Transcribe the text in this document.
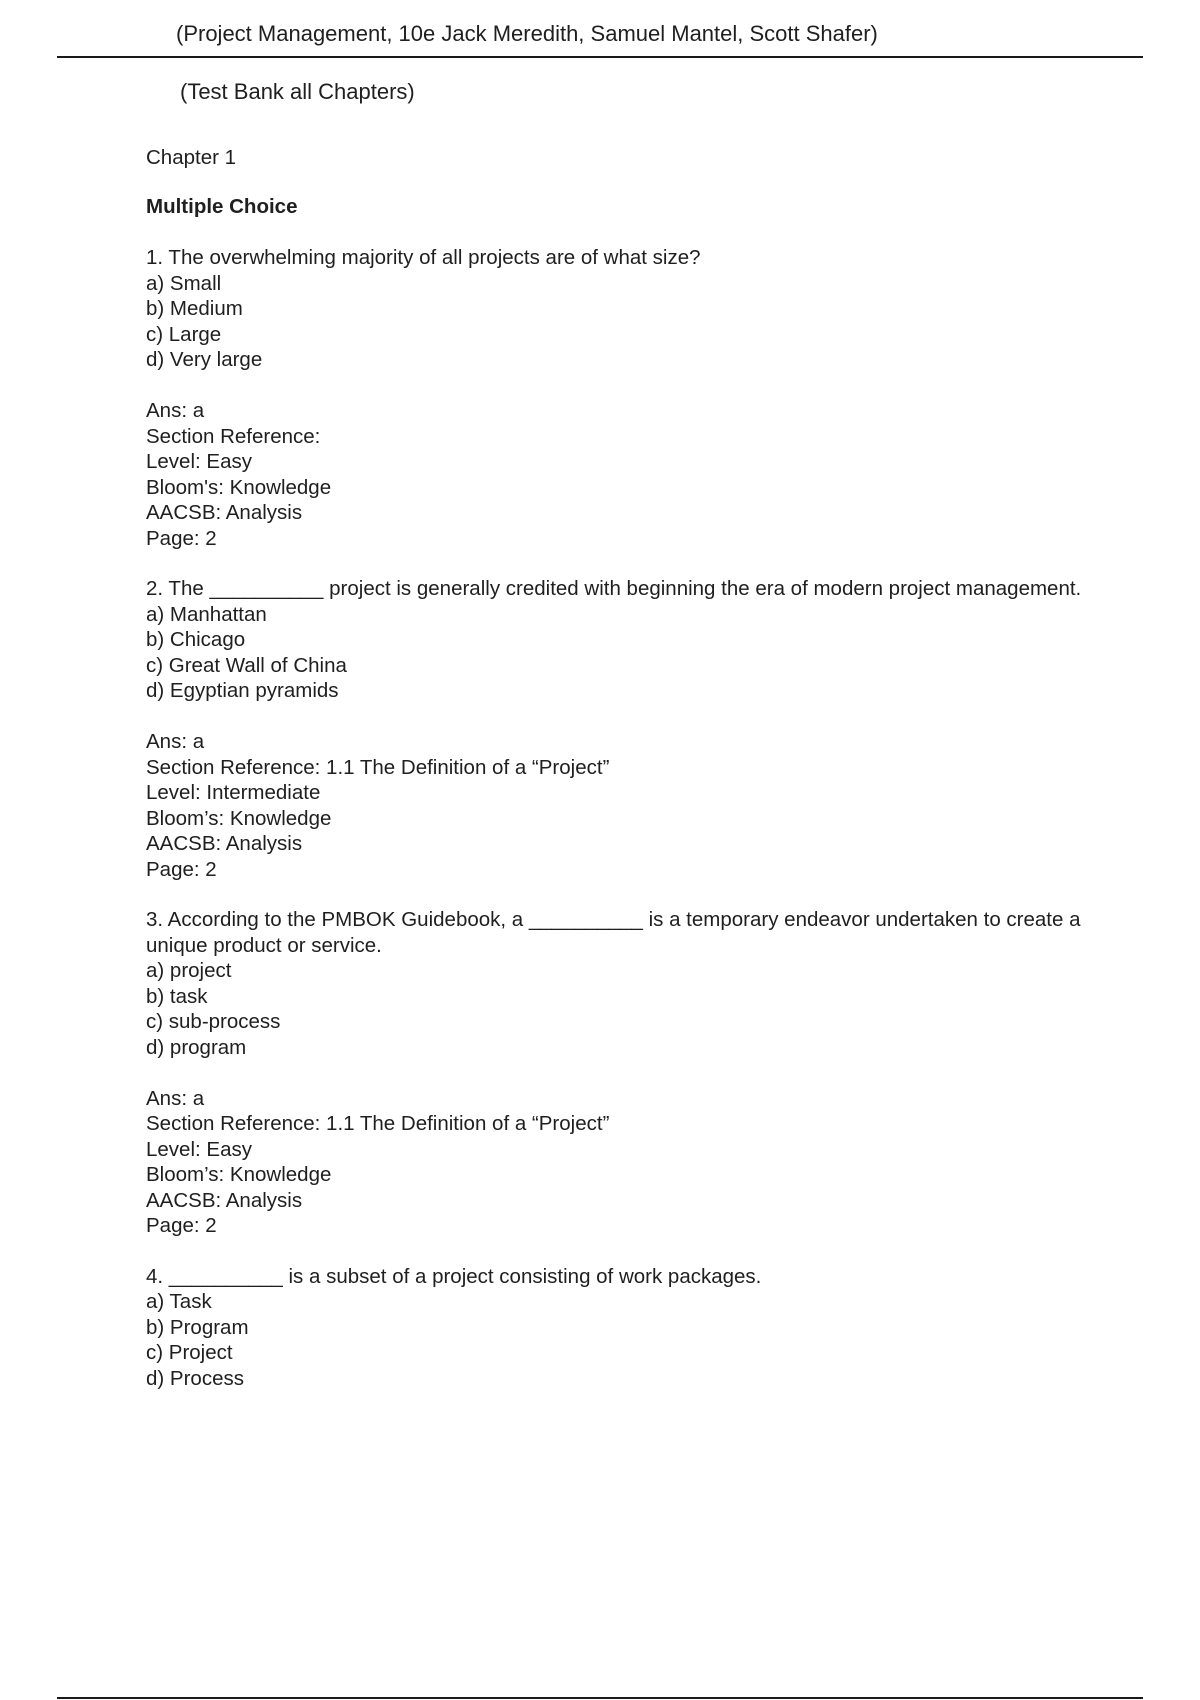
(Project Management, 10e Jack Meredith, Samuel Mantel, Scott Shafer)
(Test Bank all Chapters)
Chapter 1
Multiple Choice

1. The overwhelming majority of all projects are of what size?

a) Small

b) Medium

c) Large

d) Very large

Ans: a

Section Reference:

Level: Easy

Bloom's: Knowledge

AACSB: Analysis

Page: 2

2. The __________ project is generally credited with beginning the era of modern project management.

a) Manhattan

b) Chicago

c) Great Wall of China

d) Egyptian pyramids

Ans: a

Section Reference: 1.1 The Definition of a “Project”

Level: Intermediate

Bloom’s: Knowledge

AACSB: Analysis

Page: 2

3. According to the PMBOK Guidebook, a __________ is a temporary endeavor undertaken to create a unique product or service.

a) project

b) task

c) sub-process

d) program

Ans: a

Section Reference: 1.1 The Definition of a “Project”

Level: Easy

Bloom’s: Knowledge

AACSB: Analysis

Page: 2

4. __________ is a subset of a project consisting of work packages.

a) Task

b) Program

c) Project

d) Process
